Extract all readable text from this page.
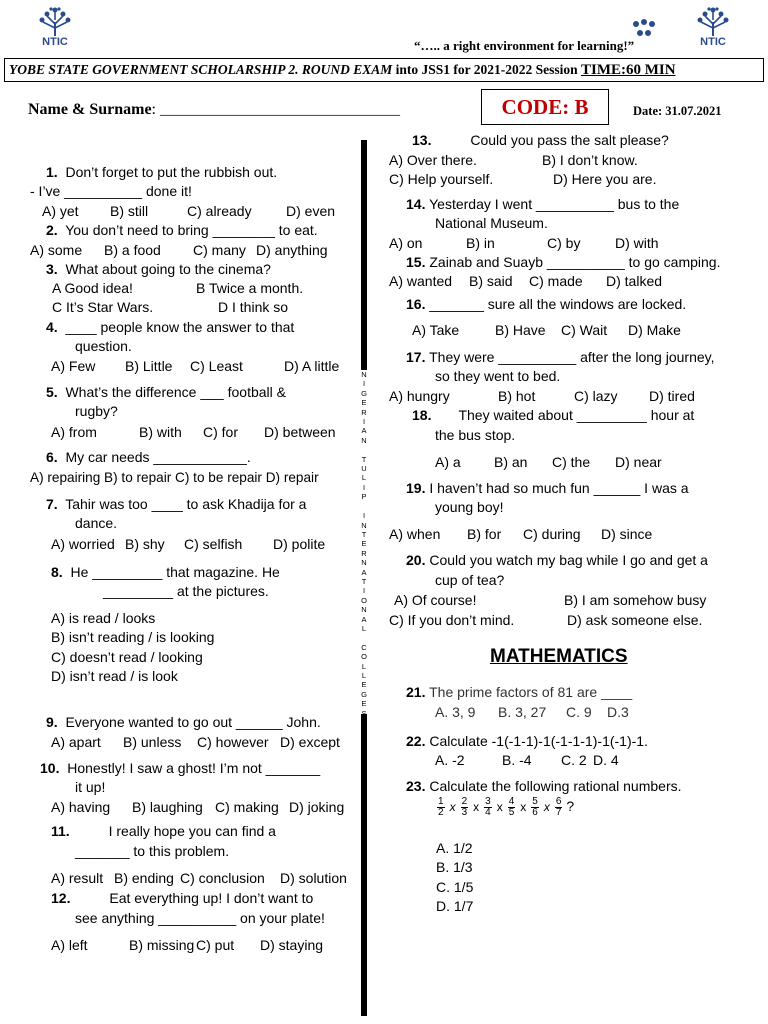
NTIC	NTIC
“….. a right environment for learning!”
YOBE STATE GOVERNMENT SCHOLARSHIP 2. ROUND EXAM into JSS1 for 2021-2022 Session TIME:60 MIN
Name & Surname: ________________________________	CODE: B	Date: 31.07.2021
N
I
G
E
R
I
A
N

T
U
L
I
P

I
N
T
E
R
N
A
T
I
O
N
A
L

C
O
L
L
E
G
E
S
1. Don’t forget to put the rubbish out.
- I’ve __________ done it!
A) yet B) still	C) already D) even
2. You don’t need to bring ________ to eat.
A) some B) a food C) many D) anything
3. What about going to the cinema?
A Good idea!	B Twice a month.
C It’s Star Wars.	D I think so
4. ____ people know the answer to that
question.
A) Few B) Little C) Least	D) A little
5. What’s the difference ___ football &
rugby?
A) from	B) with C) for D) between
6. My car needs ____________.
A) repairing B) to repair C) to be repair D) repair
7. Tahir was too ____ to ask Khadija for a
dance.
A) worried B) shy C) selfish D) polite
8. He _________ that magazine. He
_________ at the pictures.
A) is read / looks
B) isn’t reading / is looking
C) doesn’t read / looking
D) isn’t read / is look
9. Everyone wanted to go out ______ John.
A) apart B) unless C) however D) except
10. Honestly! I saw a ghost! I’m not _______
it up!
A) having B) laughing C) making D) joking
11.	I really hope you can find a
_______ to this problem.
A) result B) ending C) conclusion D) solution
12.	Eat everything up! I don’t want to
see anything __________ on your plate!
A) left	B) missing C) put D) staying
13.	Could you pass the salt please?
A) Over there.	B) I don’t know.
C) Help yourself.	D) Here you are.
14. Yesterday I went __________ bus to the
National Museum.
A) on	B) in	C) by D) with
15. Zainab and Suayb __________ to go camping.
A) wanted B) said C) made D) talked
16. _______ sure all the windows are locked.
A) Take	B) Have C) Wait D) Make
17. They were __________ after the long journey,
so they went to bed.
A) hungry	B) hot	C) lazy D) tired
18. They waited about _________ hour at
the bus stop.
A) a B) an C) the D) near
19. I haven’t had so much fun ______ I was a
young boy!
A) when B) for C) during D) since
20. Could you watch my bag while I go and get a
cup of tea?
A) Of course!	B) I am somehow busy
C) If you don’t mind.	D) ask someone else.
MATHEMATICS
21. The prime factors of 81 are ____
A. 3, 9 B. 3, 27 C. 9 D.3
22. Calculate -1(-1-1)-1(-1-1-1)-1(-1)-1.
A. -2	B. -4 C. 2 D. 4
23. Calculate the following rational numbers.
$\frac{1}{2}$ x $\frac{2}{3}$ x $\frac{3}{4}$ x $\frac{4}{5}$ x $\frac{5}{6}$ x $\frac{6}{7}$ ?
A. 1/2
B. 1/3
C. 1/5
D. 1/7
